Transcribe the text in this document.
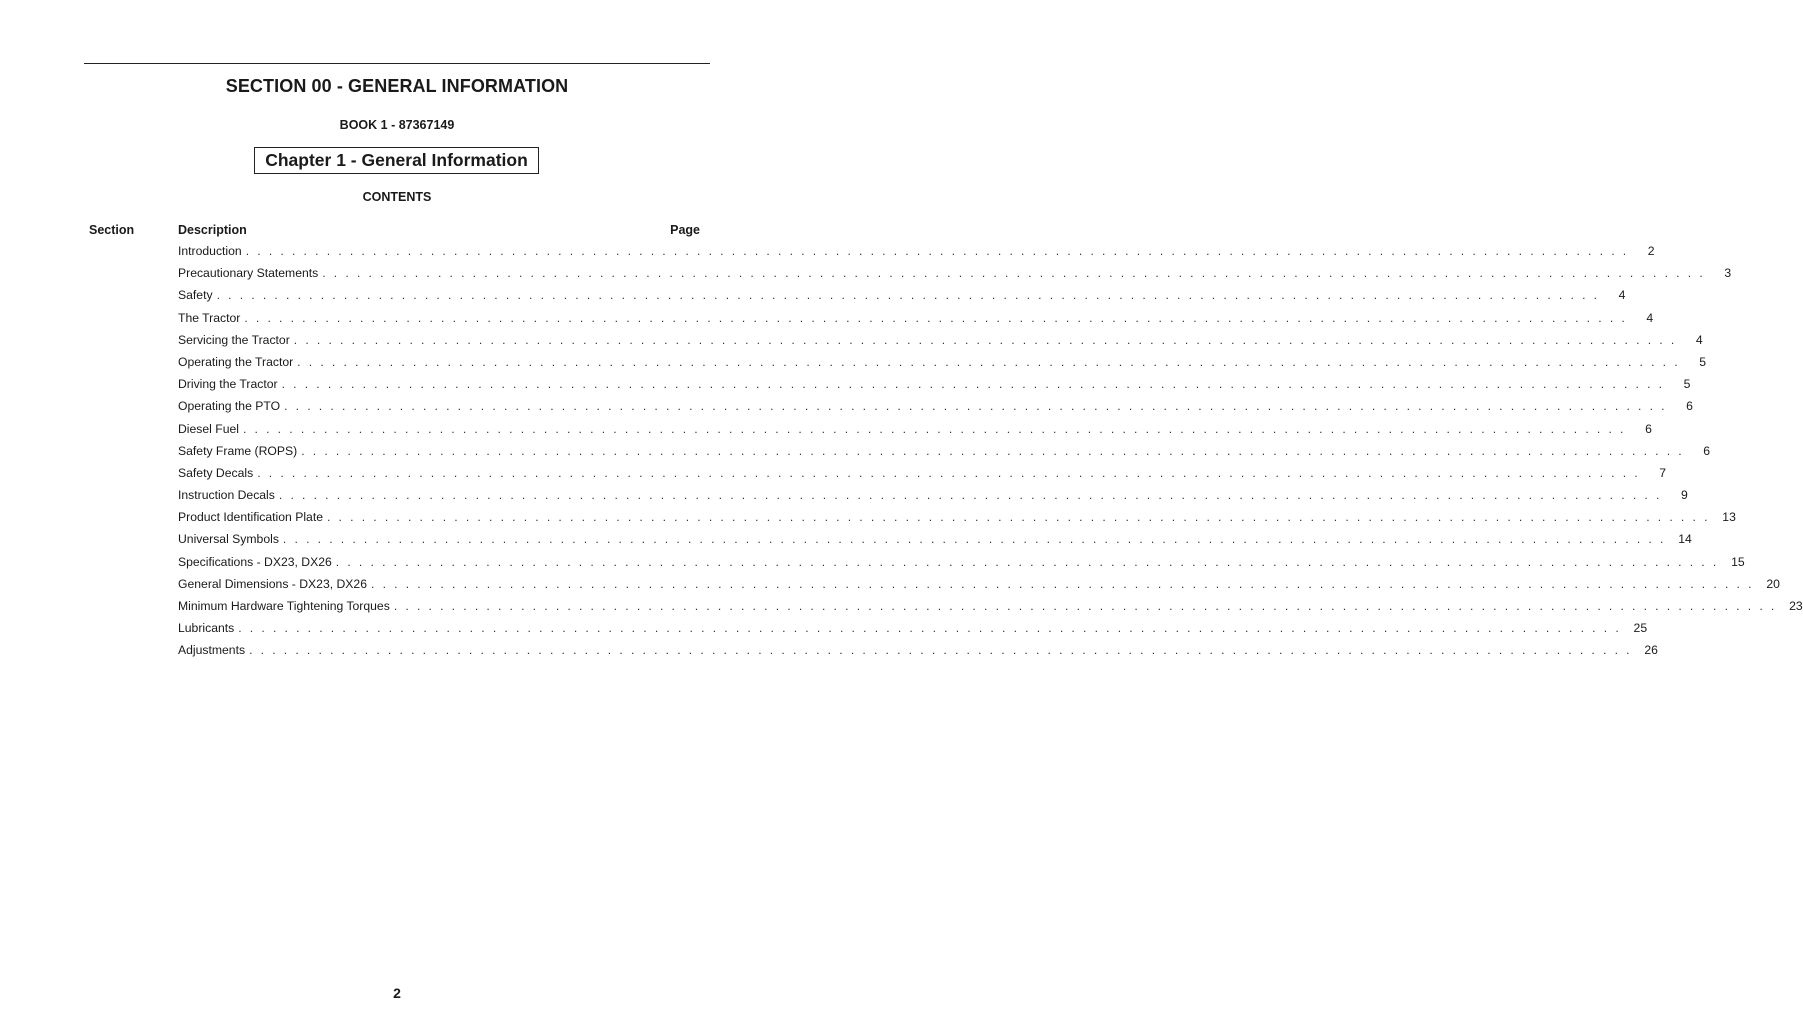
SECTION 00 - GENERAL INFORMATION
BOOK 1 - 87367149
Chapter 1 - General Information
CONTENTS
Section	Description	Page
Introduction . . . . . . . . . . . . . . . . . . . . . . . . . . . . . . . . . . . . . . . . . . . . . . . . . . . . . . . . . . . . . . . . . . . . . . . . . . . . . . . . . . . . . . . . . . . . . . . . . . . . . . . . . . . . . . . . . . . . . . . .	2
Precautionary Statements . . . . . . . . . . . . . . . . . . . . . . . . . . . . . . . . . . . . . . . . . . . . . . . . . . . . . . . . . . . . . . . . . . . . . . . . . . . . . . . . . . . . . . . . . . . . . . . . . . . . . . . . . . . . . . . . . . . . . . . .	3
Safety . . . . . . . . . . . . . . . . . . . . . . . . . . . . . . . . . . . . . . . . . . . . . . . . . . . . . . . . . . . . . . . . . . . . . . . . . . . . . . . . . . . . . . . . . . . . . . . . . . . . . . . . . . . . . . . . . . . . . . . .	4
The Tractor . . . . . . . . . . . . . . . . . . . . . . . . . . . . . . . . . . . . . . . . . . . . . . . . . . . . . . . . . . . . . . . . . . . . . . . . . . . . . . . . . . . . . . . . . . . . . . . . . . . . . . . . . . . . . . . . . . . . . . . .	4
Servicing the Tractor . . . . . . . . . . . . . . . . . . . . . . . . . . . . . . . . . . . . . . . . . . . . . . . . . . . . . . . . . . . . . . . . . . . . . . . . . . . . . . . . . . . . . . . . . . . . . . . . . . . . . . . . . . . . . . . . . . . . . . . .	4
Operating the Tractor . . . . . . . . . . . . . . . . . . . . . . . . . . . . . . . . . . . . . . . . . . . . . . . . . . . . . . . . . . . . . . . . . . . . . . . . . . . . . . . . . . . . . . . . . . . . . . . . . . . . . . . . . . . . . . . . . . . . . . . .	5
Driving the Tractor . . . . . . . . . . . . . . . . . . . . . . . . . . . . . . . . . . . . . . . . . . . . . . . . . . . . . . . . . . . . . . . . . . . . . . . . . . . . . . . . . . . . . . . . . . . . . . . . . . . . . . . . . . . . . . . . . . . . . . . .	5
Operating the PTO . . . . . . . . . . . . . . . . . . . . . . . . . . . . . . . . . . . . . . . . . . . . . . . . . . . . . . . . . . . . . . . . . . . . . . . . . . . . . . . . . . . . . . . . . . . . . . . . . . . . . . . . . . . . . . . . . . . . . . . .	6
Diesel Fuel . . . . . . . . . . . . . . . . . . . . . . . . . . . . . . . . . . . . . . . . . . . . . . . . . . . . . . . . . . . . . . . . . . . . . . . . . . . . . . . . . . . . . . . . . . . . . . . . . . . . . . . . . . . . . . . . . . . . . . . .	6
Safety Frame (ROPS) . . . . . . . . . . . . . . . . . . . . . . . . . . . . . . . . . . . . . . . . . . . . . . . . . . . . . . . . . . . . . . . . . . . . . . . . . . . . . . . . . . . . . . . . . . . . . . . . . . . . . . . . . . . . . . . . . . . . . . . .	6
Safety Decals . . . . . . . . . . . . . . . . . . . . . . . . . . . . . . . . . . . . . . . . . . . . . . . . . . . . . . . . . . . . . . . . . . . . . . . . . . . . . . . . . . . . . . . . . . . . . . . . . . . . . . . . . . . . . . . . . . . . . . . .	7
Instruction Decals . . . . . . . . . . . . . . . . . . . . . . . . . . . . . . . . . . . . . . . . . . . . . . . . . . . . . . . . . . . . . . . . . . . . . . . . . . . . . . . . . . . . . . . . . . . . . . . . . . . . . . . . . . . . . . . . . . . . . . . .	9
Product Identification Plate . . . . . . . . . . . . . . . . . . . . . . . . . . . . . . . . . . . . . . . . . . . . . . . . . . . . . . . . . . . . . . . . . . . . . . . . . . . . . . . . . . . . . . . . . . . . . . . . . . . . . . . . . . . . . . . . . . . . . . . .	13
Universal Symbols . . . . . . . . . . . . . . . . . . . . . . . . . . . . . . . . . . . . . . . . . . . . . . . . . . . . . . . . . . . . . . . . . . . . . . . . . . . . . . . . . . . . . . . . . . . . . . . . . . . . . . . . . . . . . . . . . . . . . . . .	14
Specifications - DX23, DX26 . . . . . . . . . . . . . . . . . . . . . . . . . . . . . . . . . . . . . . . . . . . . . . . . . . . . . . . . . . . . . . . . . . . . . . . . . . . . . . . . . . . . . . . . . . . . . . . . . . . . . . . . . . . . . . . . . . . . . . . .	15
General Dimensions - DX23, DX26 . . . . . . . . . . . . . . . . . . . . . . . . . . . . . . . . . . . . . . . . . . . . . . . . . . . . . . . . . . . . . . . . . . . . . . . . . . . . . . . . . . . . . . . . . . . . . . . . . . . . . . . . . . . . . . . . . . . . . . . .	20
Minimum Hardware Tightening Torques . . . . . . . . . . . . . . . . . . . . . . . . . . . . . . . . . . . . . . . . . . . . . . . . . . . . . . . . . . . . . . . . . . . . . . . . . . . . . . . . . . . . . . . . . . . . . . . . . . . . . . . . . . . . . . . . . . . . . . . .	23
Lubricants . . . . . . . . . . . . . . . . . . . . . . . . . . . . . . . . . . . . . . . . . . . . . . . . . . . . . . . . . . . . . . . . . . . . . . . . . . . . . . . . . . . . . . . . . . . . . . . . . . . . . . . . . . . . . . . . . . . . . . . .	25
Adjustments . . . . . . . . . . . . . . . . . . . . . . . . . . . . . . . . . . . . . . . . . . . . . . . . . . . . . . . . . . . . . . . . . . . . . . . . . . . . . . . . . . . . . . . . . . . . . . . . . . . . . . . . . . . . . . . . . . . . . . . .	26
2
